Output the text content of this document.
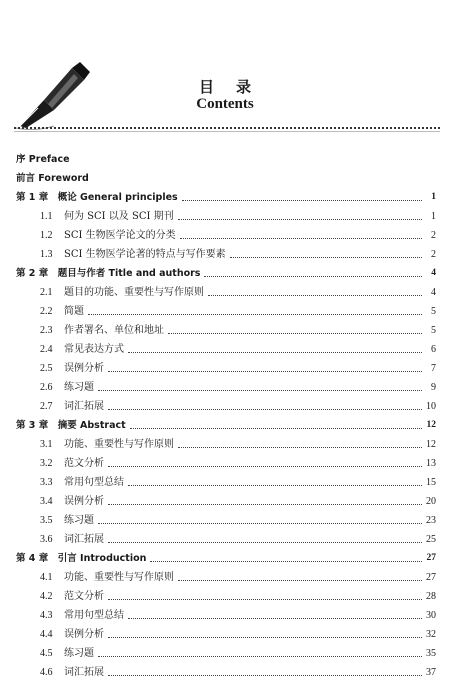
目录
Contents
序 Preface
前言 Foreword
第 1 章　概论 General principles	1
1.1 何为 SCI 以及 SCI 期刊	1
1.2 SCI 生物医学论文的分类	2
1.3 SCI 生物医学论著的特点与写作要素	2
第 2 章　题目与作者 Title and authors	4
2.1 题目的功能、重要性与写作原则	4
2.2 简题	5
2.3 作者署名、单位和地址	5
2.4 常见表达方式	6
2.5 误例分析	7
2.6 练习题	9
2.7 词汇拓展	10
第 3 章　摘要 Abstract	12
3.1 功能、重要性与写作原则	12
3.2 范文分析	13
3.3 常用句型总结	15
3.4 误例分析	20
3.5 练习题	23
3.6 词汇拓展	25
第 4 章　引言 Introduction	27
4.1 功能、重要性与写作原则	27
4.2 范文分析	28
4.3 常用句型总结	30
4.4 误例分析	32
4.5 练习题	35
4.6 词汇拓展	37
